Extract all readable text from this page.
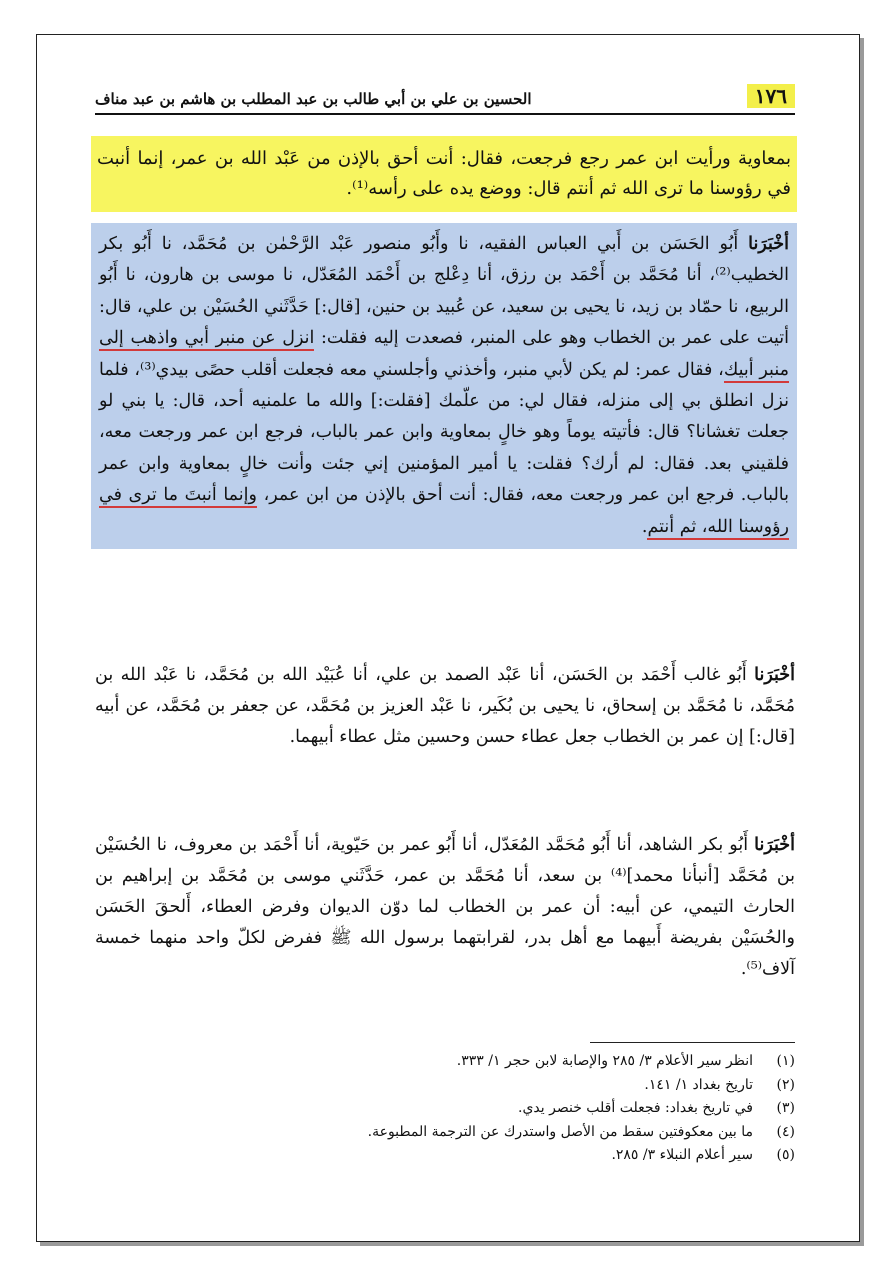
١٧٦
الحسين بن علي بن أبي طالب بن عبد المطلب بن هاشم بن عبد مناف

بمعاوية ورأيت ابن عمر رجع فرجعت، فقال: أنت أحق بالإذن من عَبْد الله بن عمر، إنما أنبت في رؤوسنا ما ترى الله ثم أنتم قال: ووضع يده على رأسه⁽¹⁾.

أخْبَرَنا أَبُو الحَسَن بن أَبي العباس الفقيه، نا وأَبُو منصور عَبْد الرَّحْمٰن بن مُحَمَّد، نا أَبُو بكر الخطيب⁽²⁾، أنا مُحَمَّد بن أَحْمَد بن رزق، أنا دِعْلج بن أَحْمَد المُعَدّل، نا موسى بن هارون، نا أَبُو الربيع، نا حمّاد بن زيد، نا يحيى بن سعيد، عن عُبيد بن حنين، [قال:] حَدَّثَني الحُسَيْن بن علي، قال: أتيت على عمر بن الخطاب وهو على المنبر، فصعدت إليه فقلت: انزل عن منبر أبي واذهب إلى منبر أبيك، فقال عمر: لم يكن لأبي منبر، وأخذني وأجلسني معه فجعلت أقلب حصًى بيدي⁽³⁾، فلما نزل انطلق بي إلى منزله، فقال لي: من علّمك [فقلت:] والله ما علمنيه أحد، قال: يا بني لو جعلت تغشانا؟ قال: فأتيته يوماً وهو خالٍ بمعاوية وابن عمر بالباب، فرجع ابن عمر ورجعت معه، فلقيني بعد. فقال: لم أرك؟ فقلت: يا أمير المؤمنين إني جئت وأنت خالٍ بمعاوية وابن عمر بالباب. فرجع ابن عمر ورجعت معه، فقال: أنت أحق بالإذن من ابن عمر، وإنما أنبتَ ما ترى في رؤوسنا الله، ثم أنتم.

أخْبَرَنا أَبُو غالب أَحْمَد بن الحَسَن، أنا عَبْد الصمد بن علي، أنا عُبَيْد الله بن مُحَمَّد، نا عَبْد الله بن مُحَمَّد، نا مُحَمَّد بن إسحاق، نا يحيى بن بُكَير، نا عَبْد العزيز بن مُحَمَّد، عن جعفر بن مُحَمَّد، عن أبيه [قال:] إن عمر بن الخطاب جعل عطاء حسن وحسين مثل عطاء أبيهما.

أخْبَرَنا أَبُو بكر الشاهد، أنا أَبُو مُحَمَّد المُعَدّل، أنا أَبُو عمر بن حَيّوية، أنا أَحْمَد بن معروف، نا الحُسَيْن بن مُحَمَّد [أنبأنا محمد]⁽⁴⁾ بن سعد، أنا مُحَمَّد بن عمر، حَدَّثَني موسى بن مُحَمَّد بن إبراهيم بن الحارث التيمي، عن أبيه: أن عمر بن الخطاب لما دوّن الديوان وفرض العطاء، أَلحقَ الحَسَن والحُسَيْن بفريضة أَبيهما مع أهل بدر، لقرابتهما برسول الله ﷺ ففرض لكلّ واحد منهما خمسة آلاف⁽⁵⁾.

(١)
انظر سير الأعلام ٣/ ٢٨٥ والإصابة لابن حجر ١/ ٣٣٣.
(٢)
تاريخ بغداد ١/ ١٤١.
(٣)
في تاريخ بغداد: فجعلت أقلب خنصر يدي.
(٤)
ما بين معكوفتين سقط من الأصل واستدرك عن الترجمة المطبوعة.
(٥)
سير أعلام النبلاء ٣/ ٢٨٥.
